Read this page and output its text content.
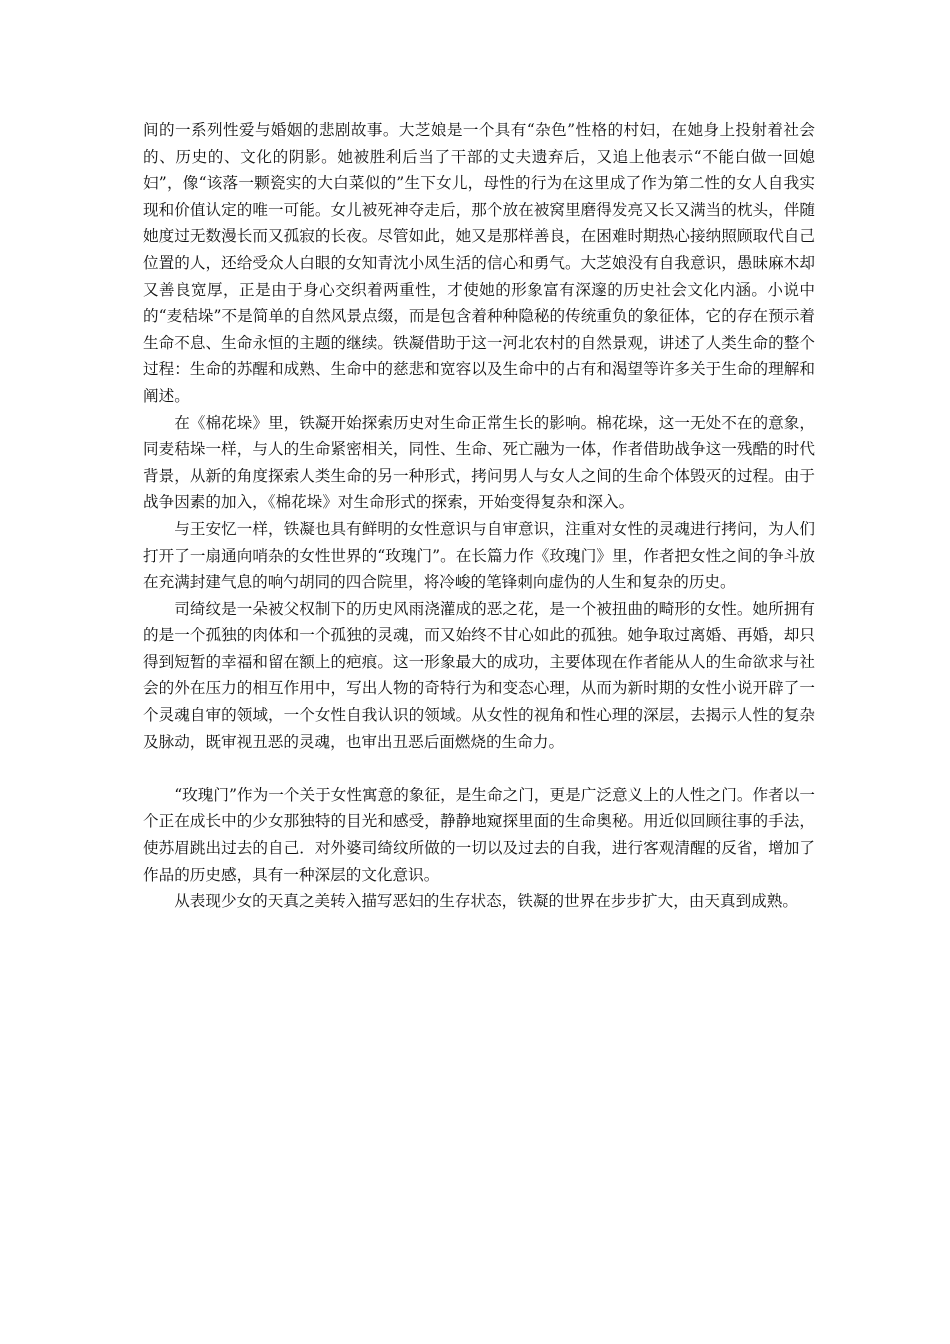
间的一系列性爱与婚姻的悲剧故事。大芝娘是一个具有“杂色”性格的村妇，在她身上投射着社会的、历史的、文化的阴影。她被胜利后当了干部的丈夫遗弃后，又追上他表示“不能白做一回媳妇”，像“该落一颗瓷实的大白菜似的”生下女儿，母性的行为在这里成了作为第二性的女人自我实现和价值认定的唯一可能。女儿被死神夺走后，那个放在被窝里磨得发亮又长又满当的枕头，伴随她度过无数漫长而又孤寂的长夜。尽管如此，她又是那样善良，在困难时期热心接纳照顾取代自己位置的人，还给受众人白眼的女知青沈小凤生活的信心和勇气。大芝娘没有自我意识，愚昧麻木却又善良宽厚，正是由于身心交织着两重性，才使她的形象富有深邃的历史社会文化内涵。小说中的“麦秸垛”不是简单的自然风景点缀，而是包含着种种隐秘的传统重负的象征体，它的存在预示着生命不息、生命永恒的主题的继续。铁凝借助于这一河北农村的自然景观，讲述了人类生命的整个过程：生命的苏醒和成熟、生命中的慈悲和宽容以及生命中的占有和渴望等许多关于生命的理解和阐述。

在《棉花垛》里，铁凝开始探索历史对生命正常生长的影响。棉花垛，这一无处不在的意象，同麦秸垛一样，与人的生命紧密相关，同性、生命、死亡融为一体，作者借助战争这一残酷的时代背景，从新的角度探索人类生命的另一种形式，拷问男人与女人之间的生命个体毁灭的过程。由于战争因素的加入，《棉花垛》对生命形式的探索，开始变得复杂和深入。

与王安忆一样，铁凝也具有鲜明的女性意识与自审意识，注重对女性的灵魂进行拷问，为人们打开了一扇通向哨杂的女性世界的“玫瑰门”。在长篇力作《玫瑰门》里，作者把女性之间的争斗放在充满封建气息的响勺胡同的四合院里，将冷峻的笔锋刺向虚伪的人生和复杂的历史。

司绮纹是一朵被父权制下的历史风雨浇灌成的恶之花，是一个被扭曲的畸形的女性。她所拥有的是一个孤独的肉体和一个孤独的灵魂，而又始终不甘心如此的孤独。她争取过离婚、再婚，却只得到短暂的幸福和留在额上的疤痕。这一形象最大的成功，主要体现在作者能从人的生命欲求与社会的外在压力的相互作用中，写出人物的奇特行为和变态心理，从而为新时期的女性小说开辟了一个灵魂自审的领域，一个女性自我认识的领域。从女性的视角和性心理的深层，去揭示人性的复杂及脉动，既审视丑恶的灵魂，也审出丑恶后面燃烧的生命力。

“玫瑰门”作为一个关于女性寓意的象征，是生命之门，更是广泛意义上的人性之门。作者以一个正在成长中的少女那独特的目光和感受，静静地窥探里面的生命奥秘。用近似回顾往事的手法，使苏眉跳出过去的自己．对外婆司绮纹所做的一切以及过去的自我，进行客观清醒的反省，增加了作品的历史感，具有一种深层的文化意识。

从表现少女的天真之美转入描写恶妇的生存状态，铁凝的世界在步步扩大，由天真到成熟。
